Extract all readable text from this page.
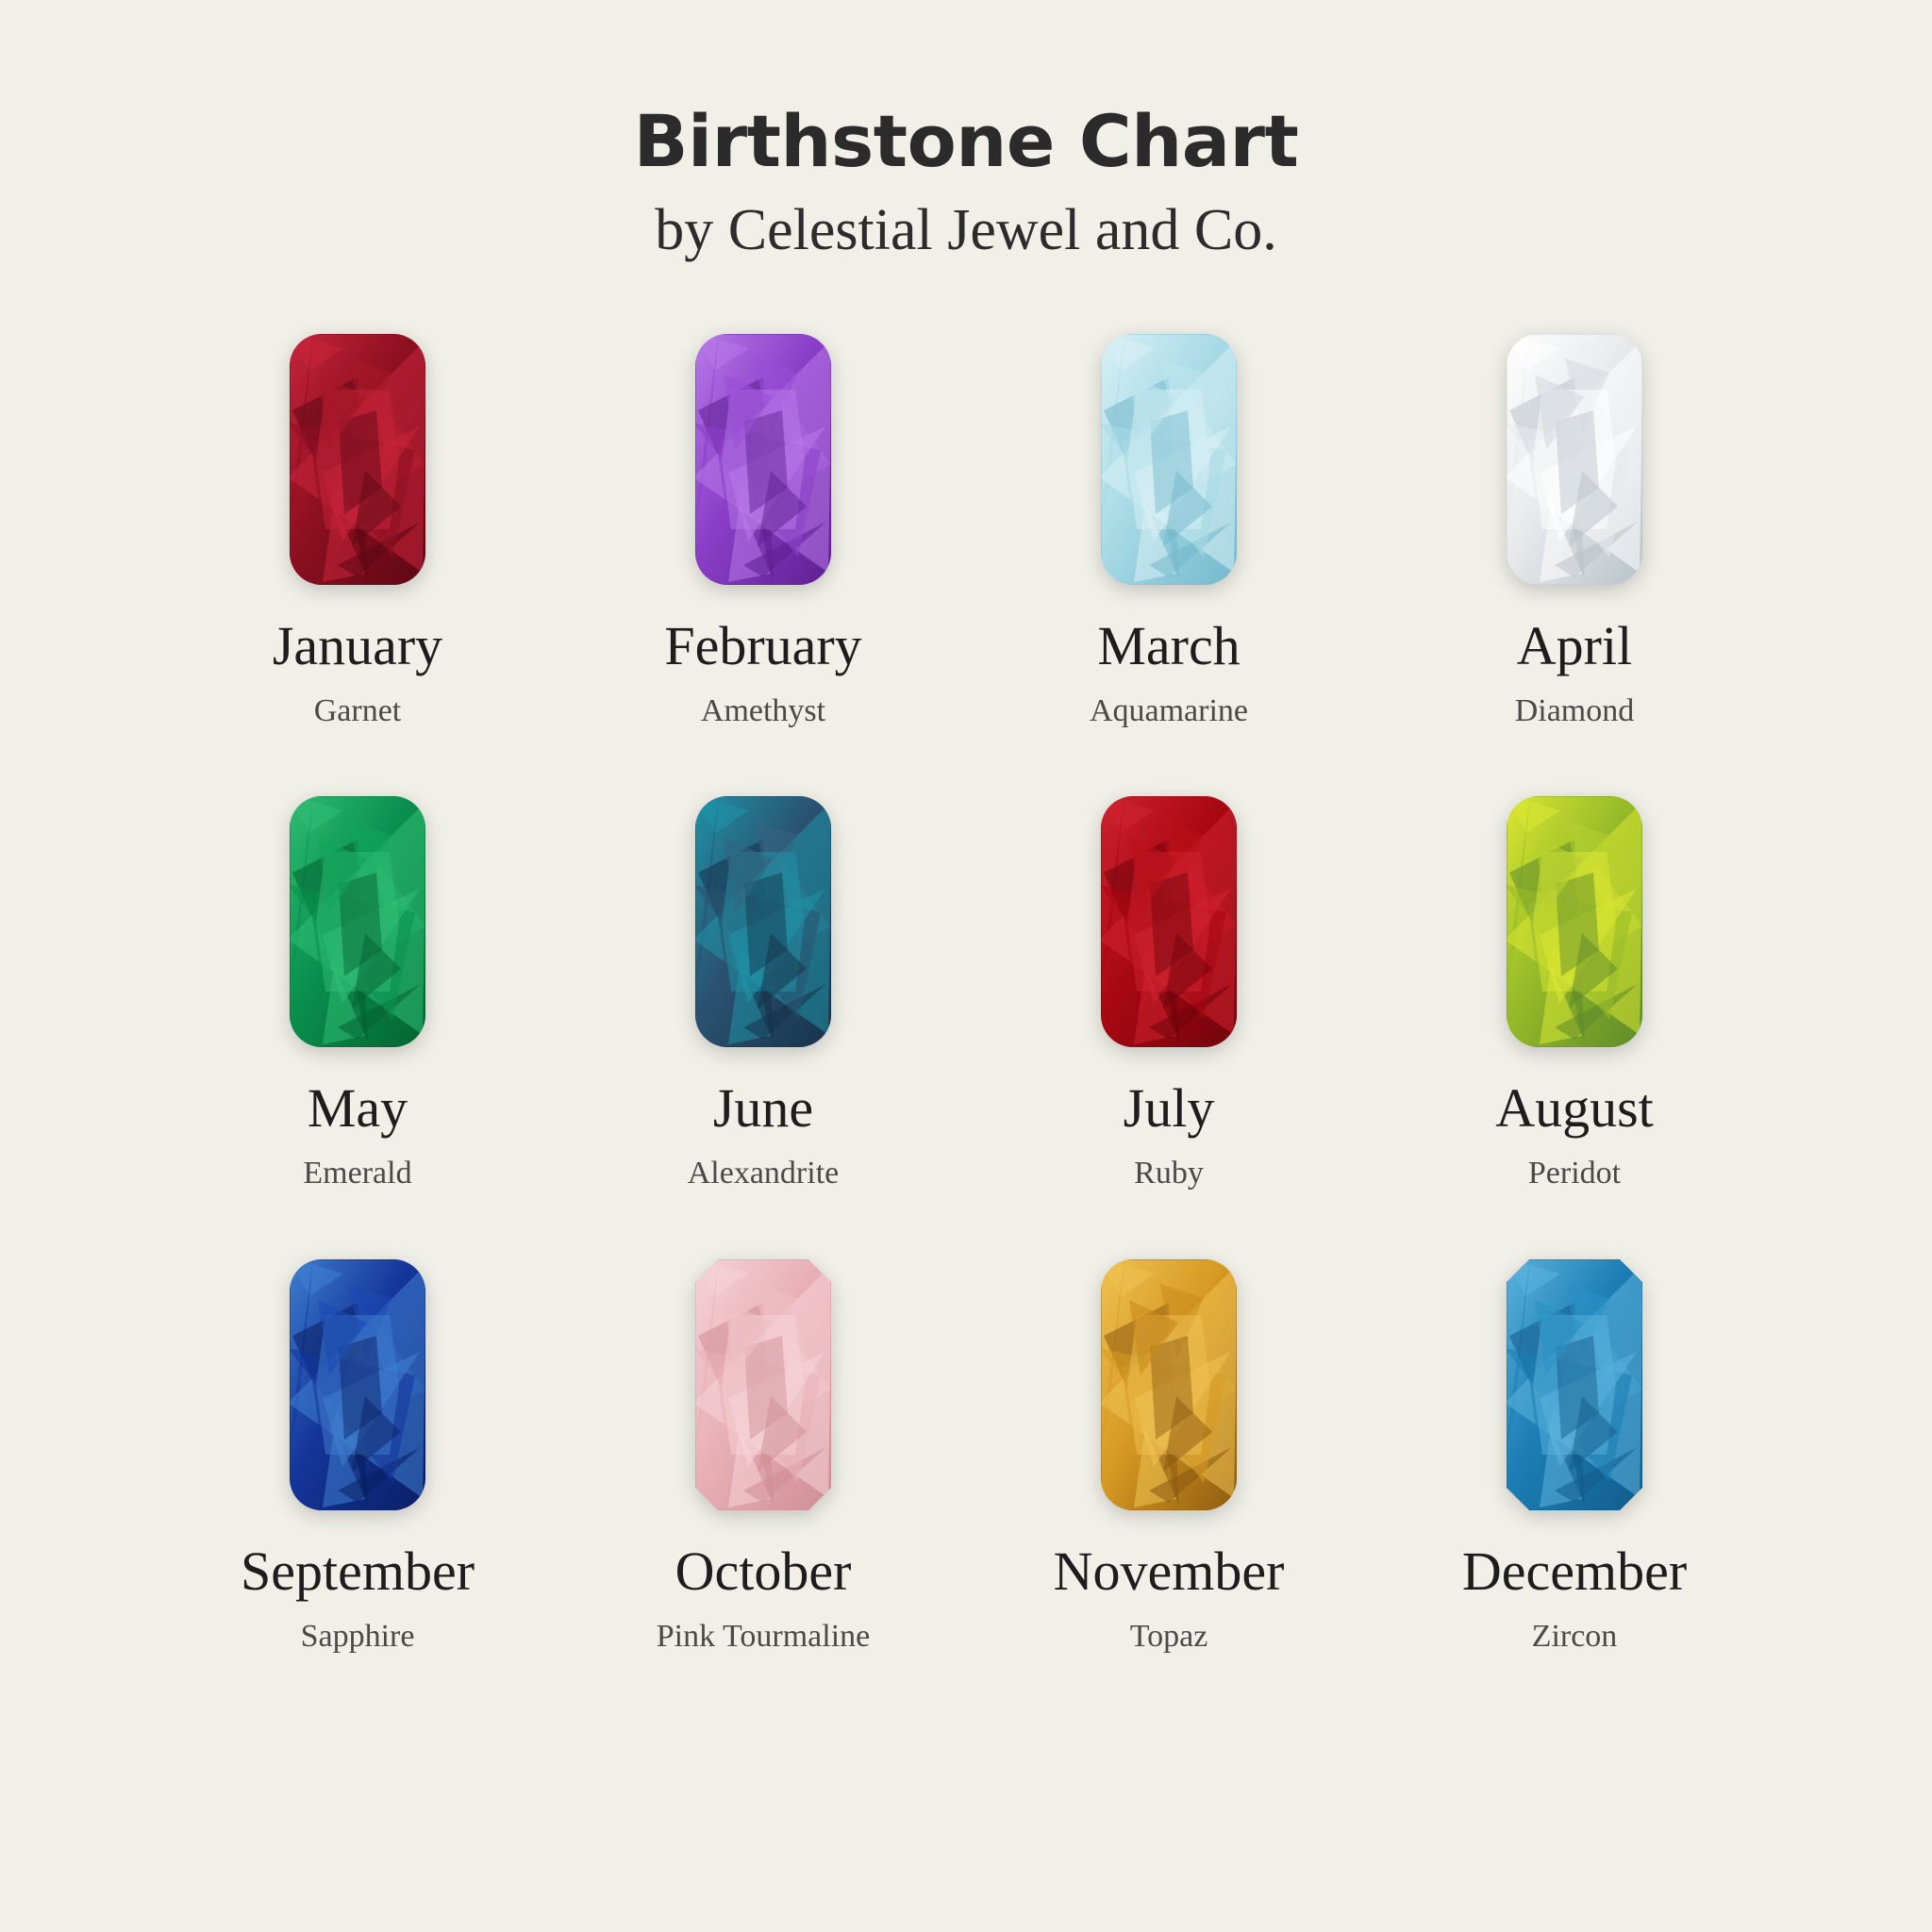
Birthstone Chart
by Celestial Jewel and Co.
January
Garnet
February
Amethyst
March
Aquamarine
April
Diamond
May
Emerald
June
Alexandrite
July
Ruby
August
Peridot
September
Sapphire
October
Pink Tourmaline
November
Topaz
December
Zircon
